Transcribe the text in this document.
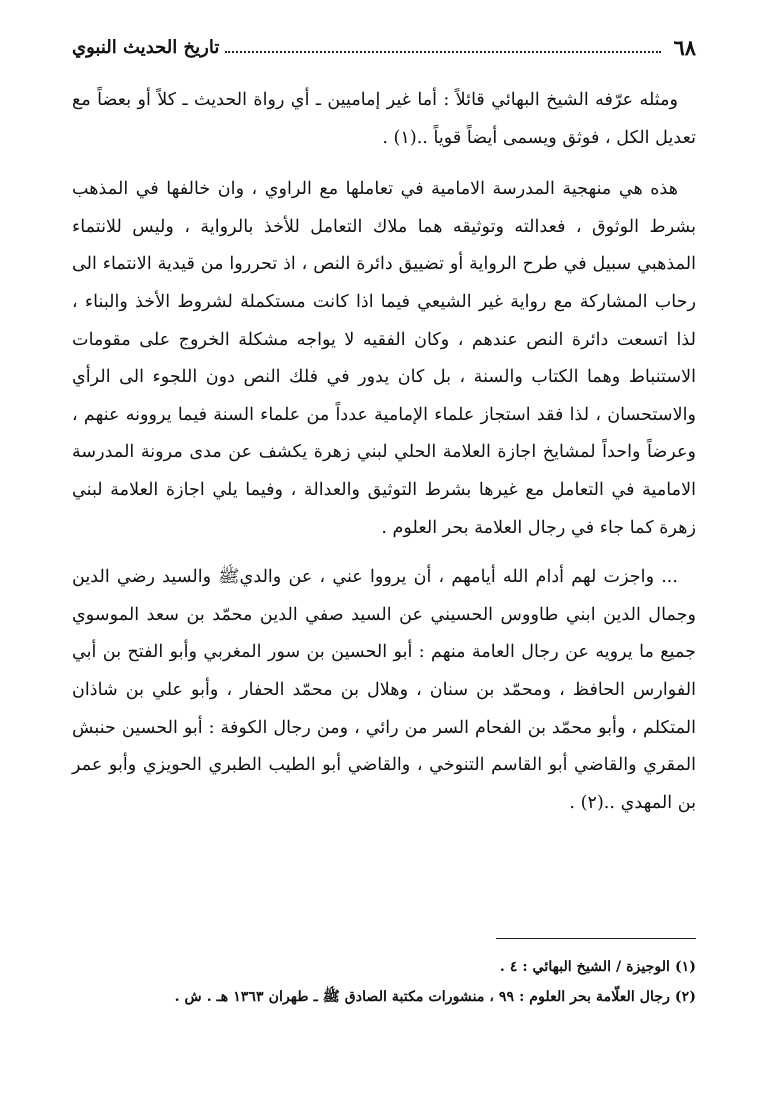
٦٨
تاريخ الحديث النبوي

ومثله عرّفه الشيخ البهائي قائلاً : أما غير إماميين ـ أي رواة الحديث ـ كلاً أو بعضاً مع تعديل الكل ، فوثق ويسمى أيضاً قوياً ..(١) .

هذه هي منهجية المدرسة الامامية في تعاملها مع الراوي ، وان خالفها في المذهب بشرط الوثوق ، فعدالته وتوثيقه هما ملاك التعامل للأخذ بالرواية ، وليس للانتماء المذهبي سبيل في طرح الرواية أو تضييق دائرة النص ، اذ تحرروا من قيدية الانتماء الى رحاب المشاركة مع رواية غير الشيعي فيما اذا كانت مستكملة لشروط الأخذ والبناء ، لذا اتسعت دائرة النص عندهم ، وكان الفقيه لا يواجه مشكلة الخروج على مقومات الاستنباط وهما الكتاب والسنة ، بل كان يدور في فلك النص دون اللجوء الى الرأي والاستحسان ، لذا فقد استجاز علماء الإمامية عدداً من علماء السنة فيما يروونه عنهم ، وعرضاً واحداً لمشايخ اجازة العلامة الحلي لبني زهرة يكشف عن مدى مرونة المدرسة الامامية في التعامل مع غيرها بشرط التوثيق والعدالة ، وفيما يلي اجازة العلامة لبني زهرة كما جاء في رجال العلامة بحر العلوم .

... واجزت لهم أدام الله أيامهم ، أن يرووا عني ، عن والديﷺ والسيد رضي الدين وجمال الدين ابني طاووس الحسيني عن السيد صفي الدين محمّد بن سعد الموسوي جميع ما يرويه عن رجال العامة منهم : أبو الحسين بن سور المغربي وأبو الفتح بن أبي الفوارس الحافظ ، ومحمّد بن سنان ، وهلال بن محمّد الحفار ، وأبو علي بن شاذان المتكلم ، وأبو محمّد بن الفحام السر من رائي ، ومن رجال الكوفة : أبو الحسين حنبش المقري والقاضي أبو القاسم التنوخي ، والقاضي أبو الطيب الطبري الحويزي وأبو عمر بن المهدي ..(٢) .

(١) الوجيزة / الشيخ البهائي : ٤ .

(٢) رجال العلّامة بحر العلوم : ٩٩ ، منشورات مكتبة الصادق ﷺ ـ طهران ١٣٦٣ هـ . ش .
